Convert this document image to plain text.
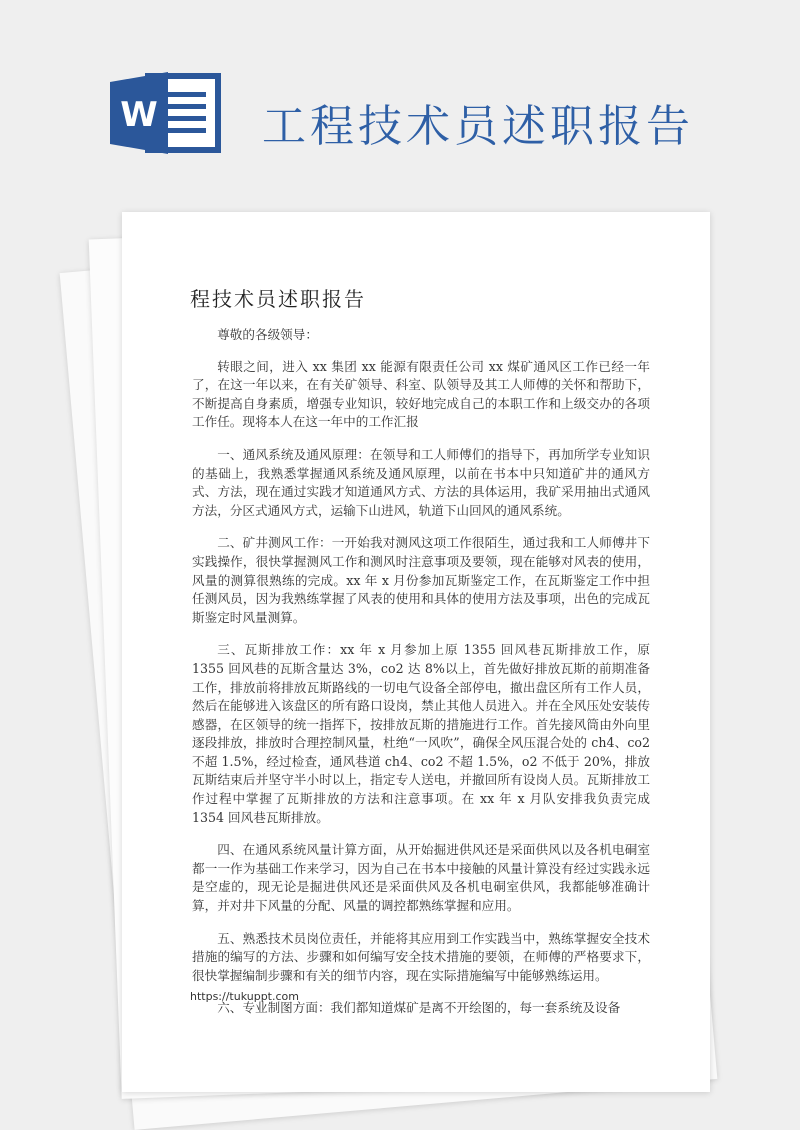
W 工程技术员述职报告
程技术员述职报告

尊敬的各级领导：

转眼之间，进入 xx 集团 xx 能源有限责任公司 xx 煤矿通风区工作已经一年了，在这一年以来，在有关矿领导、科室、队领导及其工人师傅的关怀和帮助下，不断提高自身素质，增强专业知识，较好地完成自己的本职工作和上级交办的各项工作任。现将本人在这一年中的工作汇报

一、通风系统及通风原理：在领导和工人师傅们的指导下，再加所学专业知识的基础上，我熟悉掌握通风系统及通风原理，以前在书本中只知道矿井的通风方式、方法，现在通过实践才知道通风方式、方法的具体运用，我矿采用抽出式通风方法，分区式通风方式，运输下山进风，轨道下山回风的通风系统。

二、矿井测风工作：一开始我对测风这项工作很陌生，通过我和工人师傅井下实践操作，很快掌握测风工作和测风时注意事项及要领，现在能够对风表的使用，风量的测算很熟练的完成。xx 年 x 月份参加瓦斯鉴定工作，在瓦斯鉴定工作中担任测风员，因为我熟练掌握了风表的使用和具体的使用方法及事项，出色的完成瓦斯鉴定时风量测算。

三、瓦斯排放工作：xx 年 x 月参加上原 1355 回风巷瓦斯排放工作，原 1355 回风巷的瓦斯含量达 3%，co2 达 8%以上，首先做好排放瓦斯的前期准备工作，排放前将排放瓦斯路线的一切电气设备全部停电，撤出盘区所有工作人员，然后在能够进入该盘区的所有路口设岗，禁止其他人员进入。并在全风压处安装传感器，在区领导的统一指挥下，按排放瓦斯的措施进行工作。首先接风筒由外向里逐段排放，排放时合理控制风量，杜绝“一风吹”，确保全风压混合处的 ch4、co2 不超 1.5%，经过检查，通风巷道 ch4、co2 不超 1.5%，o2 不低于 20%，排放瓦斯结束后并坚守半小时以上，指定专人送电，并撤回所有设岗人员。瓦斯排放工作过程中掌握了瓦斯排放的方法和注意事项。在 xx 年 x 月队安排我负责完成 1354 回风巷瓦斯排放。

四、在通风系统风量计算方面，从开始掘进供风还是采面供风以及各机电硐室都一一作为基础工作来学习，因为自己在书本中接触的风量计算没有经过实践永远是空虚的，现无论是掘进供风还是采面供风及各机电硐室供风，我都能够准确计算，并对井下风量的分配、风量的调控都熟练掌握和应用。

五、熟悉技术员岗位责任，并能将其应用到工作实践当中，熟练掌握安全技术措施的编写的方法、步骤和如何编写安全技术措施的要领，在师傅的严格要求下，很快掌握编制步骤和有关的细节内容，现在实际措施编写中能够熟练运用。

六、专业制图方面：我们都知道煤矿是离不开绘图的，每一套系统及设备

https://tukuppt.com
